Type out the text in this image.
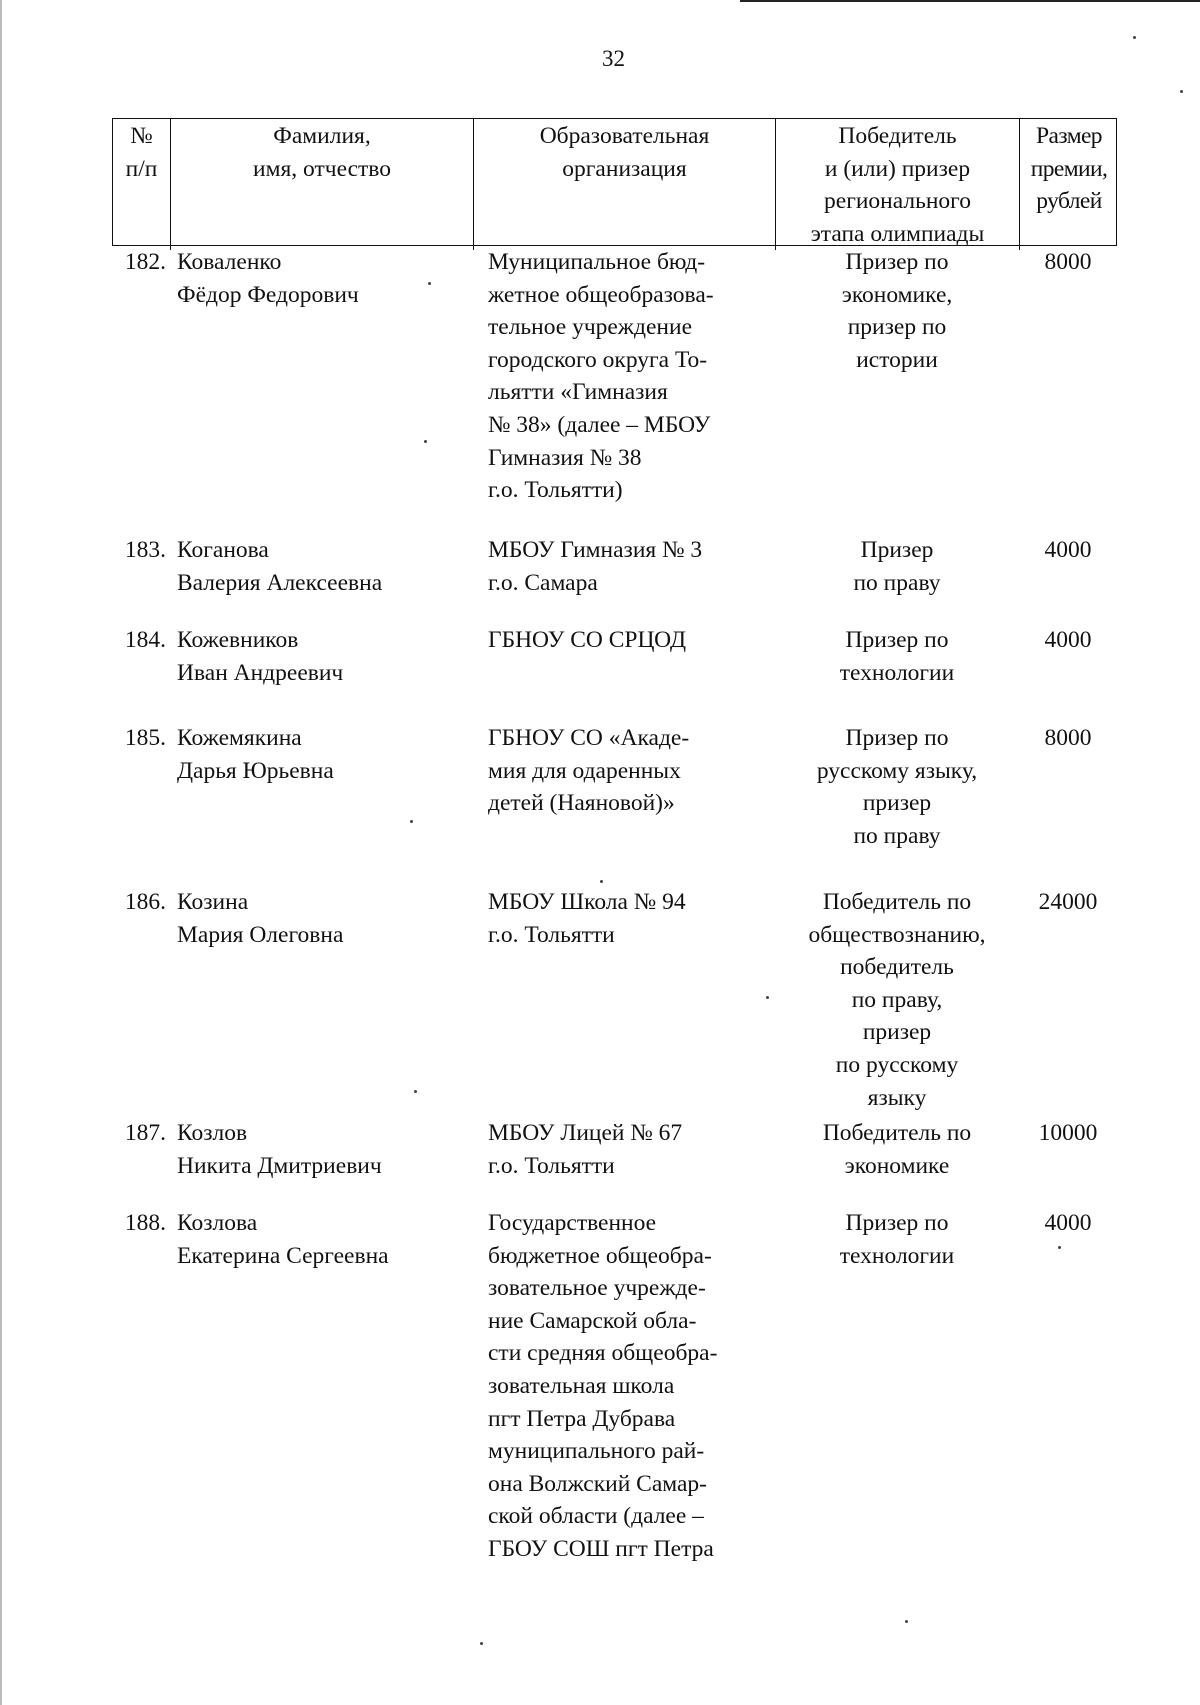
32
№
п/п
Фамилия,
имя, отчество
Образовательная
организация
Победитель
и (или) призер
регионального
этапа олимпиады
Размер
премии,
рублей
182. Коваленко
Фёдор Федорович
Муниципальное бюд-
жетное общеобразова-
тельное учреждение
городского округа То-
льятти «Гимназия
№ 38» (далее – МБОУ
Гимназия № 38
г.о. Тольятти)
Призер по
экономике,
призер по
истории
8000
183. Коганова
Валерия Алексеевна
МБОУ Гимназия № 3
г.о. Самара
Призер
по праву
4000
184. Кожевников
Иван Андреевич
ГБНОУ СО СРЦОД	Призер по
технологии
4000
185. Кожемякина
Дарья Юрьевна
ГБНОУ СО «Акаде-
мия для одаренных
детей (Наяновой)»
Призер по
русскому языку,
призер
по праву
8000
186. Козина
Мария Олеговна
МБОУ Школа № 94
г.о. Тольятти
Победитель по
обществознанию,
победитель
по праву,
призер
по русскому
языку
24000
187. Козлов
Никита Дмитриевич
МБОУ Лицей № 67
г.о. Тольятти
Победитель по
экономике
10000
188. Козлова
Екатерина Сергеевна
Государственное
бюджетное общеобра-
зовательное учрежде-
ние Самарской обла-
сти средняя общеобра-
зовательная школа
пгт Петра Дубрава
муниципального рай-
она Волжский Самар-
ской области (далее –
ГБОУ СОШ пгт Петра
Призер по
технологии
4000
